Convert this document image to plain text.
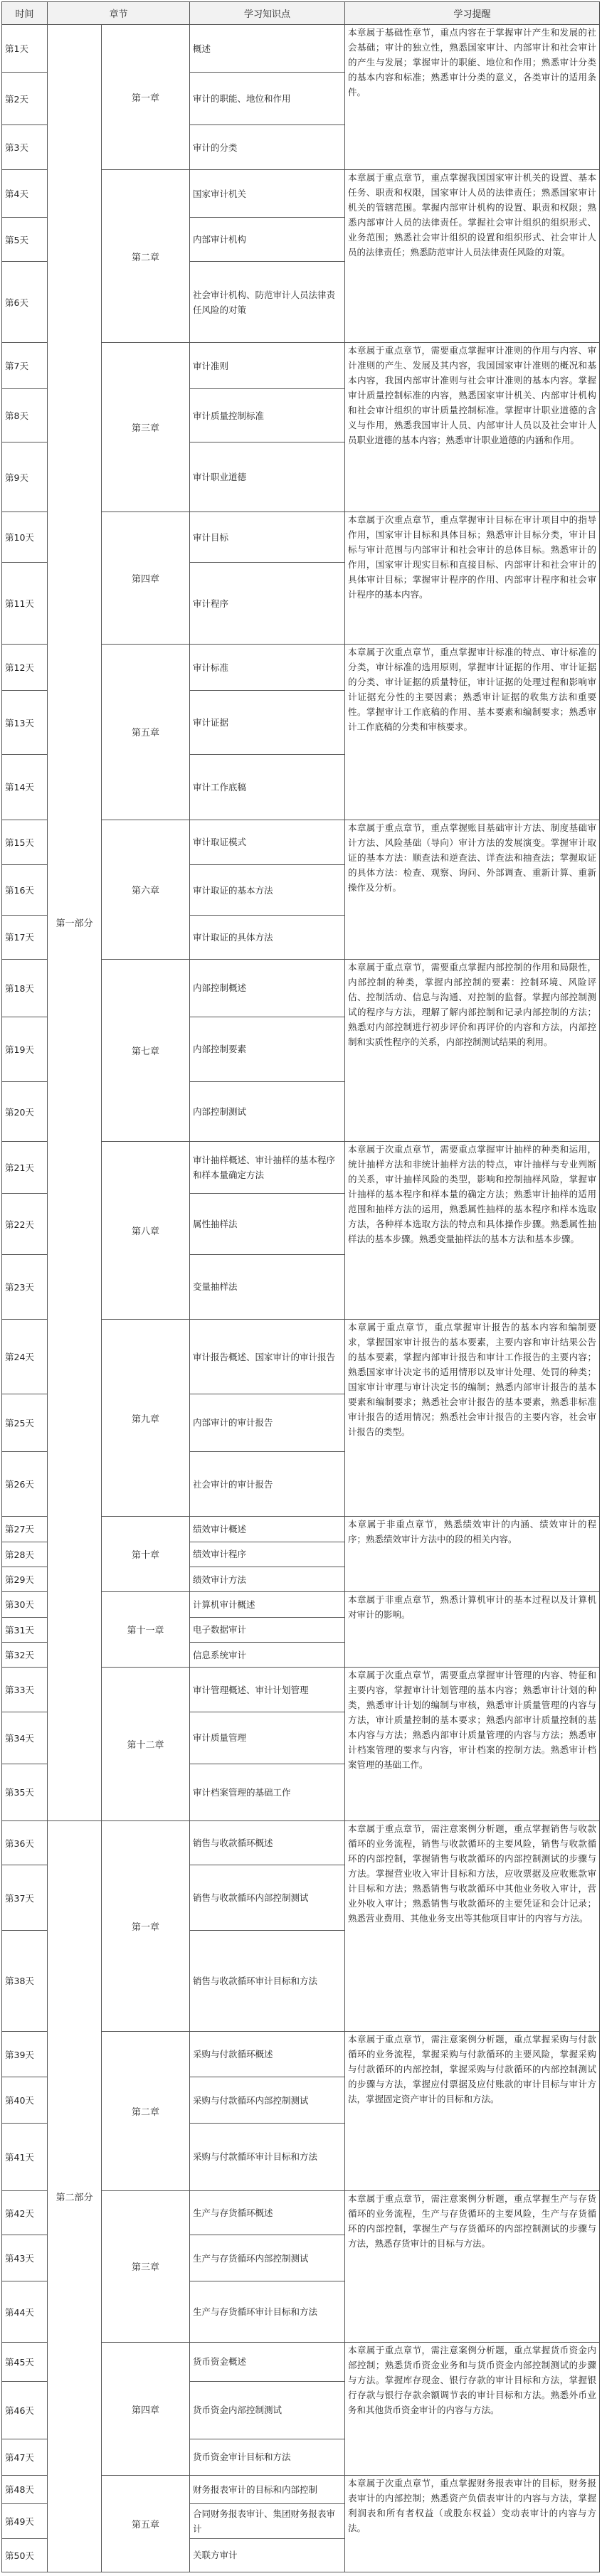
时间	章节		学习知识点	学习提醒
第1天	第一部分	第一章	概述	本章属于基础性章节，重点内容在于掌握审计产生和发展的社会基础；审计的独立性，熟悉国家审计、内部审计和社会审计的产生与发展；掌握审计的职能、地位和作用；熟悉审计分类的基本内容和标准；熟悉审计分类的意义，各类审计的适用条件。
第2天			审计的职能、地位和作用	
第3天			审计的分类	
第4天		第二章	国家审计机关	本章属于重点章节，重点掌握我国国家审计机关的设置、基本任务、职责和权限，国家审计人员的法律责任；熟悉国家审计机关的管辖范围。掌握内部审计机构的设置、职责和权限；熟悉内部审计人员的法律责任。掌握社会审计组织的组织形式、业务范围；熟悉社会审计组织的设置和组织形式、社会审计人员的法律责任；熟悉防范审计人员法律责任风险的对策。
第5天			内部审计机构	
第6天			社会审计机构、防范审计人员法律责任风险的对策	
第7天		第三章	审计准则	本章属于重点章节，需要重点掌握审计准则的作用与内容、审计准则的产生、发展及其内容，我国国家审计准则的概况和基本内容，我国内部审计准则与社会审计准则的基本内容。掌握审计质量控制标准的内容，熟悉国家审计机关、内部审计机构和社会审计组织的审计质量控制标准。掌握审计职业道德的含义与作用，熟悉我国审计人员、内部审计人员以及社会审计人员职业道德的基本内容；熟悉审计职业道德的内涵和作用。
第8天			审计质量控制标准	
第9天			审计职业道德	
第10天		第四章	审计目标	本章属于次重点章节，重点掌握审计目标在审计项目中的指导作用，国家审计目标和具体目标；熟悉审计目标分类，审计目标与审计范围与内部审计和社会审计的总体目标。熟悉审计的作用，国家审计现实目标和直接目标、内部审计和社会审计的具体审计目标；掌握审计程序的作用、内部审计程序和社会审计程序的基本内容。
第11天			审计程序	
第12天		第五章	审计标准	本章属于次重点章节，重点掌握审计标准的特点、审计标准的分类，审计标准的选用原则，掌握审计证据的作用、审计证据的分类、审计证据的质量特征，审计证据的处理过程和影响审计证据充分性的主要因素；熟悉审计证据的收集方法和重要性。掌握审计工作底稿的作用、基本要素和编制要求；熟悉审计工作底稿的分类和审核要求。
第13天			审计证据	
第14天			审计工作底稿	
第15天		第六章	审计取证模式	本章属于重点章节，重点掌握账目基础审计方法、制度基础审计方法、风险基础（导向）审计方法的发展演变。掌握审计取证的基本方法：顺查法和逆查法、详查法和抽查法；掌握取证的具体方法：检查、观察、询问、外部调查、重新计算、重新操作及分析。
第16天			审计取证的基本方法	
第17天			审计取证的具体方法	
第18天		第七章	内部控制概述	本章属于重点章节，需要重点掌握内部控制的作用和局限性，内部控制的种类，掌握内部控制的要素：控制环境、风险评估、控制活动、信息与沟通、对控制的监督。掌握内部控制测试的程序与方法，理解了解内部控制和记录内部控制的方法；熟悉对内部控制进行初步评价和再评价的内容和方法，内部控制和实质性程序的关系，内部控制测试结果的利用。
第19天			内部控制要素	
第20天			内部控制测试	
第21天		第八章	审计抽样概述、审计抽样的基本程序和样本量确定方法	本章属于次重点章节，需要重点掌握审计抽样的种类和运用，统计抽样方法和非统计抽样方法的特点，审计抽样与专业判断的关系，审计抽样风险的类型，影响和控制抽样风险，掌握审计抽样的基本程序和样本量的确定方法；熟悉审计抽样的适用范围和抽样方法的运用，熟悉属性抽样的基本程序和样本选取方法，各种样本选取方法的特点和具体操作步骤。熟悉属性抽样法的基本步骤。熟悉变量抽样法的基本方法和基本步骤。
第22天			属性抽样法	
第23天			变量抽样法	
第24天		第九章	审计报告概述、国家审计的审计报告	本章属于重点章节，重点掌握审计报告的基本内容和编制要求，掌握国家审计报告的基本要素，主要内容和审计结果公告的基本要素，掌握内部审计报告和审计工作报告的主要内容；熟悉国家审计决定书的适用情形以及审计处理、处罚的种类；国家审计审理与审计决定书的编制；熟悉内部审计报告的基本要素和编制要求；熟悉社会审计报告的基本要素，熟悉非标准审计报告的适用情况；熟悉社会审计报告的主要内容，社会审计报告的类型。
第25天			内部审计的审计报告	
第26天			社会审计的审计报告	
第27天		第十章	绩效审计概述	本章属于非重点章节，熟悉绩效审计的内涵、绩效审计的程序；熟悉绩效审计方法中的段的相关内容。
第28天			绩效审计程序	
第29天			绩效审计方法	
第30天		第十一章	计算机审计概述	本章属于非重点章节，熟悉计算机审计的基本过程以及计算机对审计的影响。
第31天			电子数据审计	
第32天			信息系统审计	
第33天		第十二章	审计管理概述、审计计划管理	本章属于次重点章节，需要重点掌握审计管理的内容、特征和主要内容，掌握审计计划管理的基本内容；熟悉审计计划的种类，熟悉审计计划的编制与审核，熟悉审计质量管理的内容与方法，审计质量控制的基本要求；熟悉内部审计质量控制的基本内容与方法；熟悉内部审计质量管理的内容与方法；熟悉审计档案管理的要求与内容，审计档案的控制方法。熟悉审计档案管理的基础工作。
第34天			审计质量管理	
第35天			审计档案管理的基础工作	
第36天	第二部分	第一章	销售与收款循环概述	本章属于重点章节，需注意案例分析题，重点掌握销售与收款循环的业务流程，销售与收款循环的主要风险，销售与收款循环的内部控制，掌握销售与收款循环的内部控制测试的步骤与方法。掌握营业收入审计目标和方法，应收票据及应收账款审计目标和方法；熟悉销售与收款循环中其他业务收入审计，营业外收入审计；熟悉销售与收款循环的主要凭证和会计记录；熟悉营业费用、其他业务支出等其他项目审计的内容与方法。
第37天			销售与收款循环内部控制测试	
第38天			销售与收款循环审计目标和方法	
第39天		第二章	采购与付款循环概述	本章属于重点章节，需注意案例分析题，重点掌握采购与付款循环的业务流程，掌握采购与付款循环的主要风险，掌握采购与付款循环的内部控制，掌握采购与付款循环的内部控制测试的步骤与方法，掌握应付票据及应付账款的审计目标与审计方法，掌握固定资产审计的目标和方法。
第40天			采购与付款循环内部控制测试	
第41天			采购与付款循环审计目标和方法	
第42天		第三章	生产与存货循环概述	本章属于重点章节，需注意案例分析题，重点掌握生产与存货循环的业务流程，生产与存货循环的主要风险，生产与存货循环的内部控制，掌握生产与存货循环的内部控制测试的步骤与方法，熟悉存货审计的目标与方法。
第43天			生产与存货循环内部控制测试	
第44天			生产与存货循环审计目标和方法	
第45天		第四章	货币资金概述	本章属于重点章节，需注意案例分析题，重点掌握货币资金内部控制；熟悉货币资金业务和与货币资金内部控制测试的步骤与方法。掌握库存现金、银行存款的审计目标和方法，掌握银行存款与银行存款余额调节表的审计目标和方法。熟悉外币业务和其他货币资金审计的内容与方法。
第46天			货币资金内部控制测试	
第47天			货币资金审计目标和方法	
第48天		第五章	财务报表审计的目标和内部控制	本章属于次重点章节，重点掌握财务报表审计的目标，财务报表审计的内部控制；熟悉资产负债表审计的内容与方法，掌握利润表和所有者权益（或股东权益）变动表审计的内容与方法。
第49天			合同财务报表审计、集团财务报表审计	
第50天			关联方审计	
